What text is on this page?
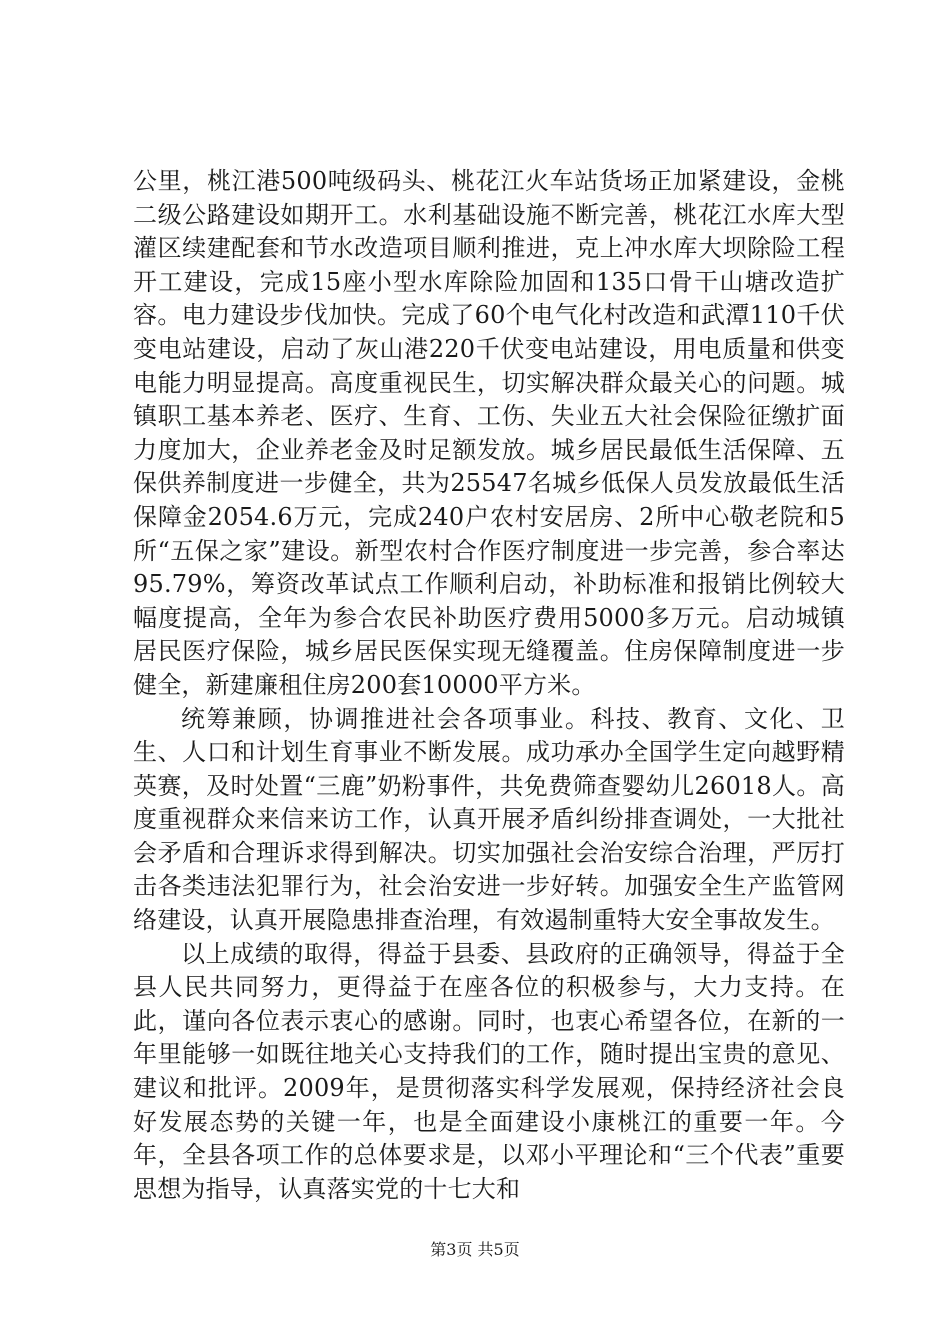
公里，桃江港500吨级码头、桃花江火车站货场正加紧建设，金桃二级公路建设如期开工。水利基础设施不断完善，桃花江水库大型灌区续建配套和节水改造项目顺利推进，克上冲水库大坝除险工程开工建设，完成15座小型水库除险加固和135口骨干山塘改造扩容。电力建设步伐加快。完成了60个电气化村改造和武潭110千伏变电站建设，启动了灰山港220千伏变电站建设，用电质量和供变电能力明显提高。高度重视民生，切实解决群众最关心的问题。城镇职工基本养老、医疗、生育、工伤、失业五大社会保险征缴扩面力度加大，企业养老金及时足额发放。城乡居民最低生活保障、五保供养制度进一步健全，共为25547名城乡低保人员发放最低生活保障金2054.6万元，完成240户农村安居房、2所中心敬老院和5所“五保之家”建设。新型农村合作医疗制度进一步完善，参合率达95.79%，筹资改革试点工作顺利启动，补助标准和报销比例较大幅度提高，全年为参合农民补助医疗费用5000多万元。启动城镇居民医疗保险，城乡居民医保实现无缝覆盖。住房保障制度进一步健全，新建廉租住房200套10000平方米。

统筹兼顾，协调推进社会各项事业。科技、教育、文化、卫生、人口和计划生育事业不断发展。成功承办全国学生定向越野精英赛，及时处置“三鹿”奶粉事件，共免费筛查婴幼儿26018人。高度重视群众来信来访工作，认真开展矛盾纠纷排查调处，一大批社会矛盾和合理诉求得到解决。切实加强社会治安综合治理，严厉打击各类违法犯罪行为，社会治安进一步好转。加强安全生产监管网络建设，认真开展隐患排查治理，有效遏制重特大安全事故发生。

以上成绩的取得，得益于县委、县政府的正确领导，得益于全县人民共同努力，更得益于在座各位的积极参与，大力支持。在此，谨向各位表示衷心的感谢。同时，也衷心希望各位，在新的一年里能够一如既往地关心支持我们的工作，随时提出宝贵的意见、建议和批评。2009年，是贯彻落实科学发展观，保持经济社会良好发展态势的关键一年，也是全面建设小康桃江的重要一年。今年，全县各项工作的总体要求是，以邓小平理论和“三个代表”重要思想为指导，认真落实党的十七大和

第3页 共5页
